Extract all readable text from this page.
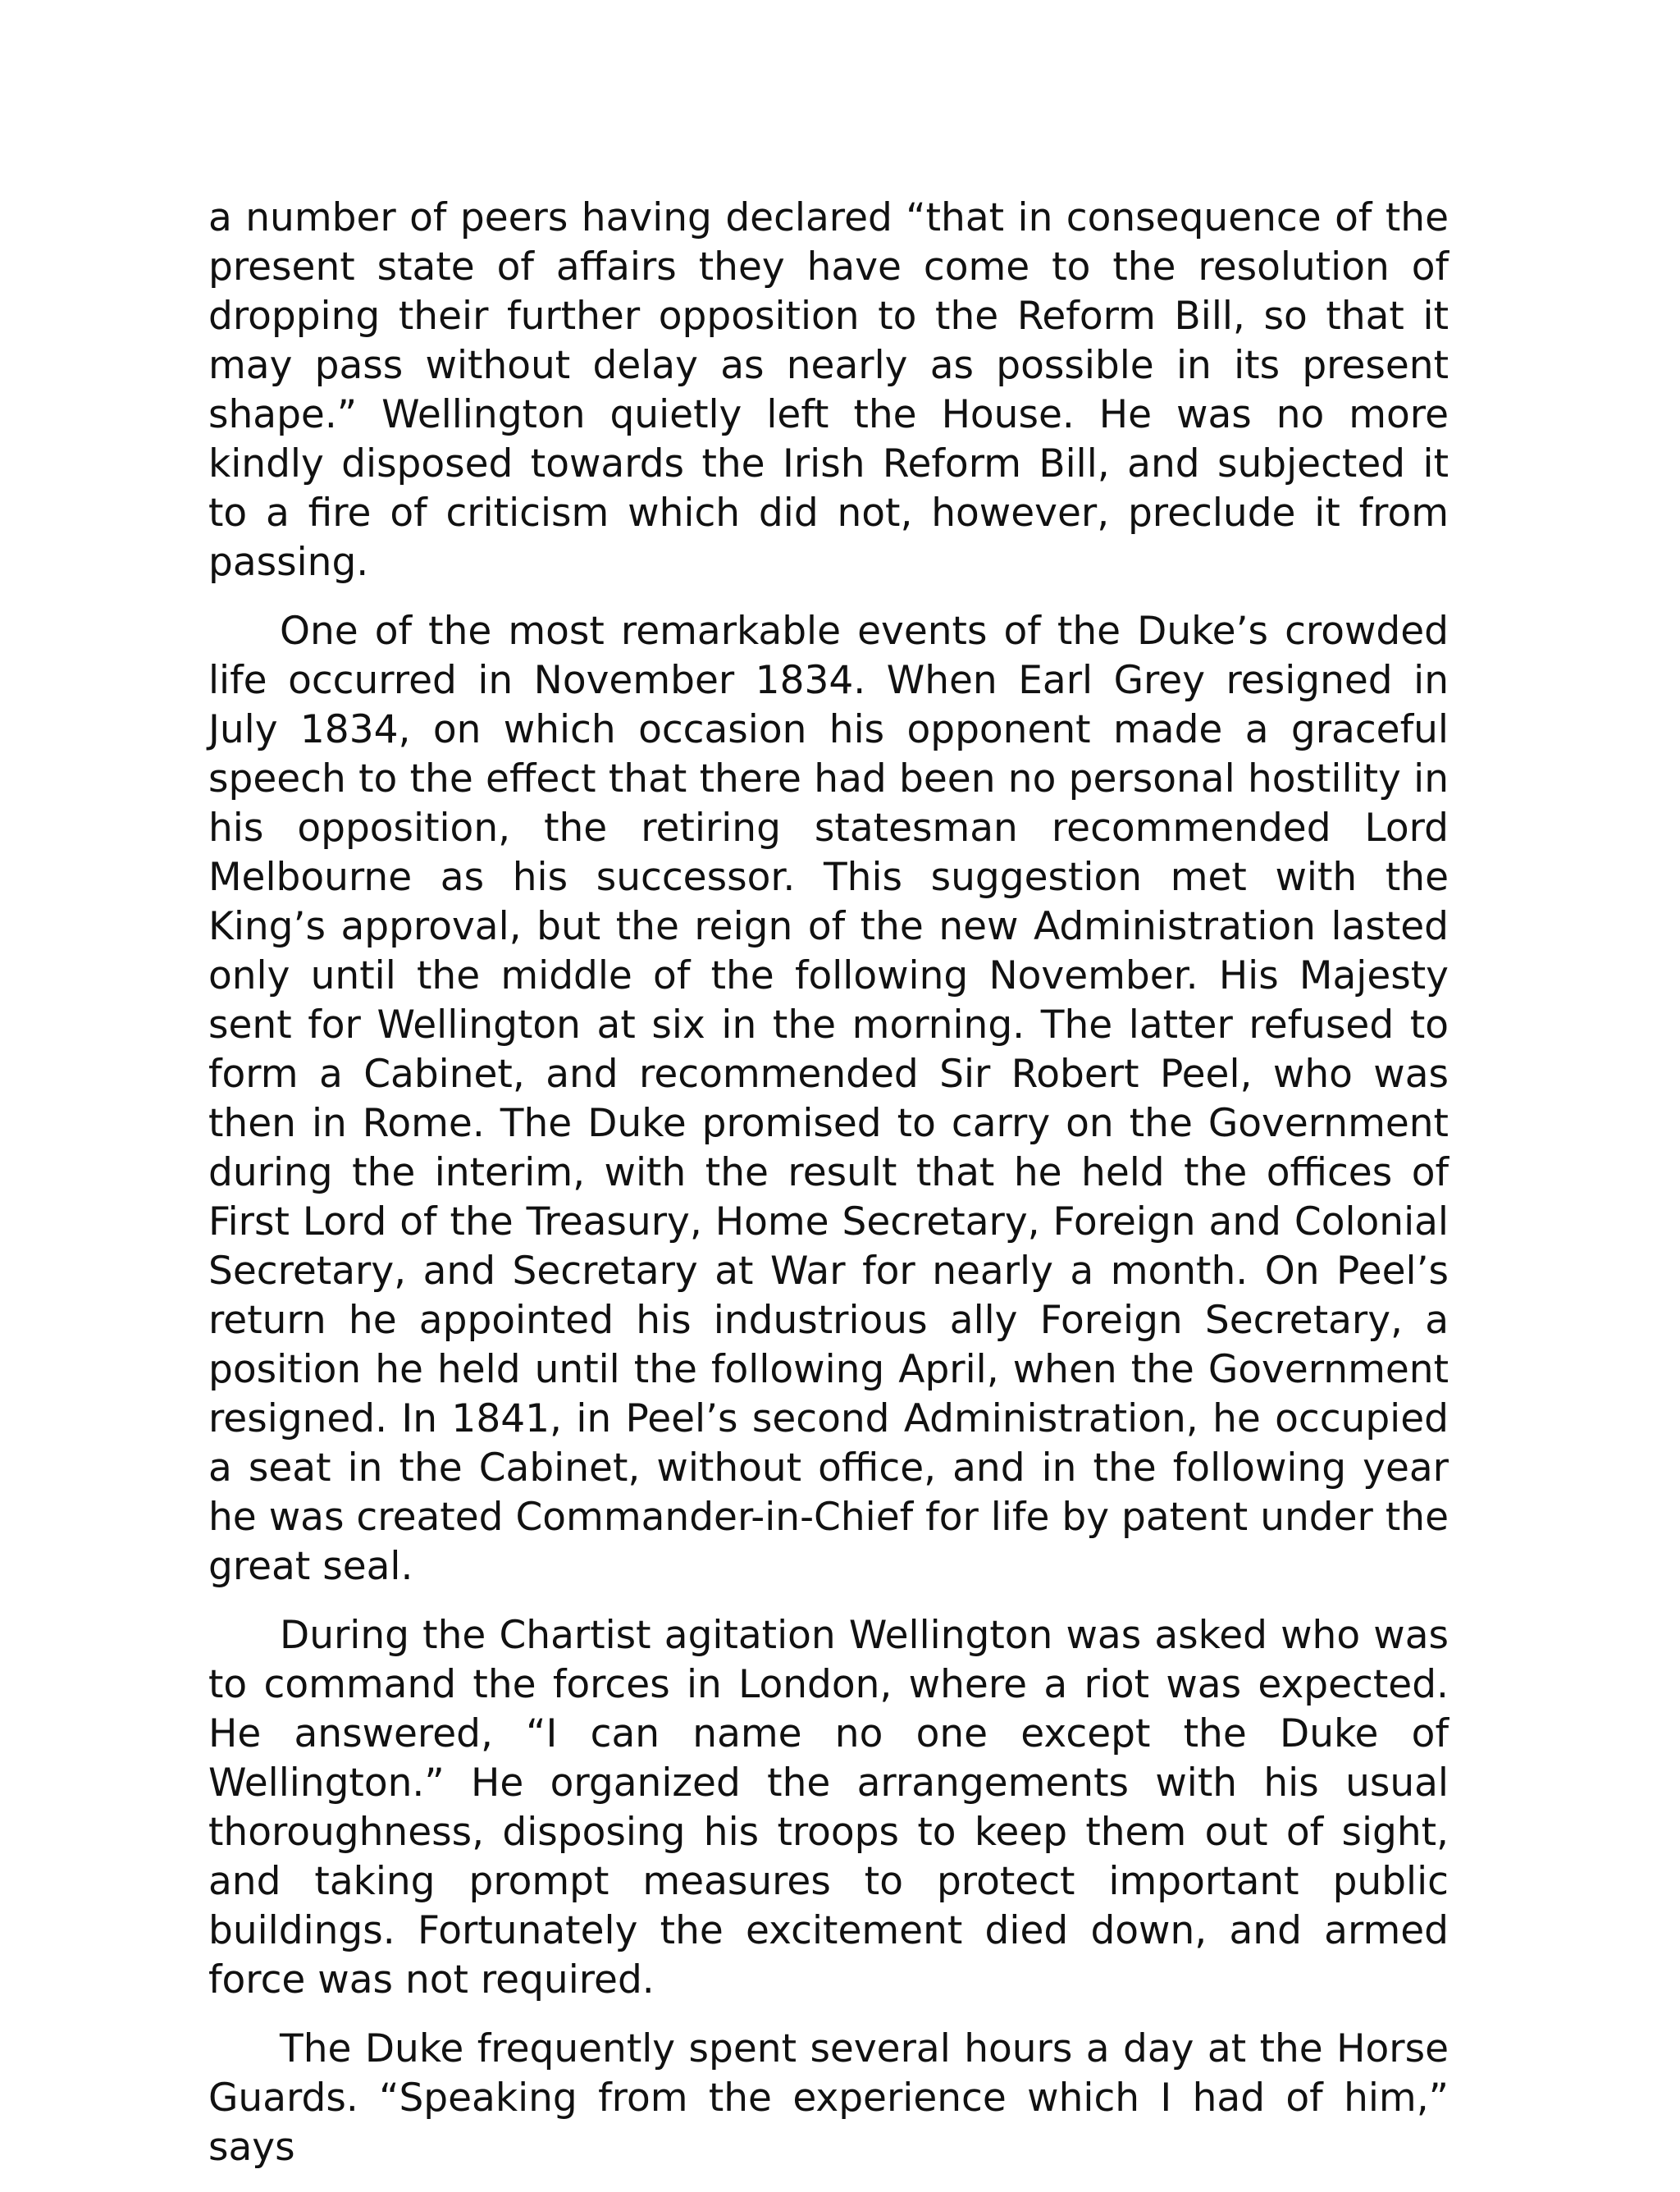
a number of peers having declared “that in consequence of the present state of affairs they have come to the resolution of dropping their further opposition to the Reform Bill, so that it may pass without delay as nearly as possible in its present shape.” Wellington quietly left the House. He was no more kindly disposed towards the Irish Reform Bill, and subjected it to a fire of criticism which did not, however, preclude it from passing.

One of the most remarkable events of the Duke’s crowded life occurred in November 1834. When Earl Grey resigned in July 1834, on which occasion his opponent made a graceful speech to the effect that there had been no personal hostility in his opposition, the retiring statesman recommended Lord Melbourne as his successor. This suggestion met with the King’s approval, but the reign of the new Administration lasted only until the middle of the following November. His Majesty sent for Wellington at six in the morning. The latter refused to form a Cabinet, and recommended Sir Robert Peel, who was then in Rome. The Duke promised to carry on the Government during the interim, with the result that he held the offices of First Lord of the Treasury, Home Secretary, Foreign and Colonial Secretary, and Secretary at War for nearly a month. On Peel’s return he appointed his industrious ally Foreign Secretary, a position he held until the following April, when the Government resigned. In 1841, in Peel’s second Administration, he occupied a seat in the Cabinet, without office, and in the following year he was created Commander-in-Chief for life by patent under the great seal.

During the Chartist agitation Wellington was asked who was to command the forces in London, where a riot was expected. He answered, “I can name no one except the Duke of Wellington.” He organized the arrangements with his usual thoroughness, disposing his troops to keep them out of sight, and taking prompt measures to protect important public buildings. Fortunately the excitement died down, and armed force was not required.

The Duke frequently spent several hours a day at the Horse Guards. “Speaking from the experience which I had of him,” says
